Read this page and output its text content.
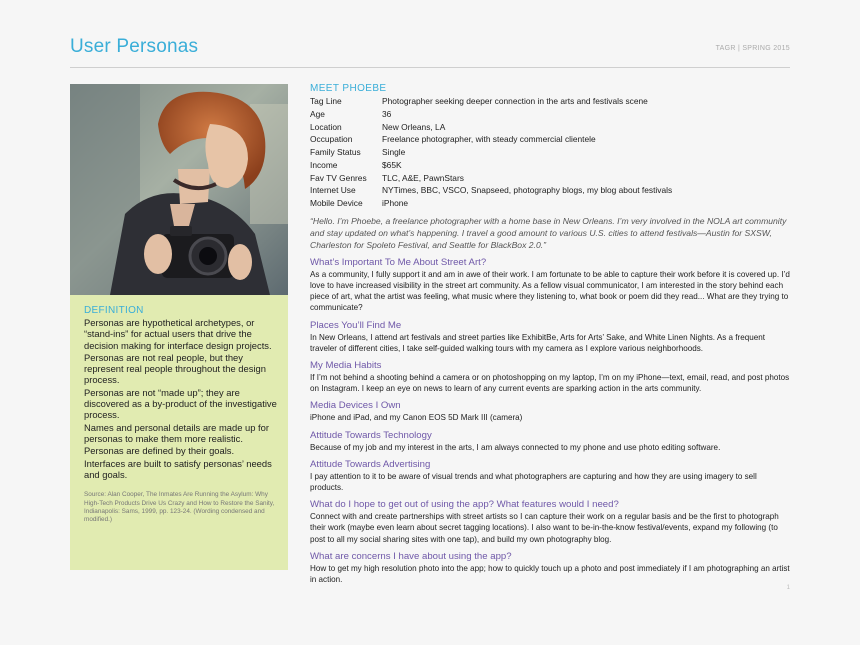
User Personas	TAGR | SPRING 2015
DEFINITION

Personas are hypothetical archetypes, or “stand-ins” for actual users that drive the decision making for interface design projects.

Personas are not real people, but they represent real people throughout the design process.

Personas are not “made up”; they are discovered as a by-product of the investigative process.

Names and personal details are made up for personas to make them more realistic.

Personas are defined by their goals.

Interfaces are built to satisfy personas’ needs and goals.

Source: Alan Cooper, The Inmates Are Running the Asylum: Why High-Tech Products Drive Us Crazy and How to Restore the Sanity, Indianapolis: Sams, 1999, pp. 123-24. (Wording condensed and modified.)
MEET PHOEBE
Tag Line	Photographer seeking deeper connection in the arts and festivals scene
Age	36
Location	New Orleans, LA
Occupation	Freelance photographer, with steady commercial clientele
Family Status	Single
Income	$65K
Fav TV Genres	TLC, A&E, PawnStars
Internet Use	NYTimes, BBC, VSCO, Snapseed, photography blogs, my blog about festivals
Mobile Device	iPhone
“Hello. I’m Phoebe, a freelance photographer with a home base in New Orleans. I’m very involved in the NOLA art community and stay updated on what’s happening. I travel a good amount to various U.S. cities to attend festivals—Austin for SXSW, Charleston for Spoleto Festival, and Seattle for BlackBox 2.0.”
What’s Important To Me About Street Art?
As a community, I fully support it and am in awe of their work. I am fortunate to be able to capture their work before it is covered up. I’d love to have increased visibility in the street art community. As a fellow visual communicator, I am interested in the story behind each piece of art, what the artist was feeling, what music where they listening to, what book or poem did they read... What are they trying to communicate?
Places You’ll Find Me
In New Orleans, I attend art festivals and street parties like ExhibitBe, Arts for Arts’ Sake, and White Linen Nights. As a frequent traveler of different cities, I take self-guided walking tours with my camera as I explore various neighborhoods.
My Media Habits
If I’m not behind a shooting behind a camera or on photoshopping on my laptop, I’m on my iPhone—text, email, read, and post photos on Instagram. I keep an eye on news to learn of any current events are sparking action in the arts community.
Media Devices I Own
iPhone and iPad, and my Canon EOS 5D Mark III (camera)
Attitude Towards Technology
Because of my job and my interest in the arts, I am always connected to my phone and use photo editing software.
Attitude Towards Advertising
I pay attention to it to be aware of visual trends and what photographers are capturing and how they are using imagery to sell products.
What do I hope to get out of using the app? What features would I need?
Connect with and create partnerships with street artists so I can capture their work on a regular basis and be the first to photograph their work (maybe even learn about secret tagging locations). I also want to be-in-the-know festival/events, expand my following (to post to all my social sharing sites with one tap), and build my own photography blog.
What are concerns I have about using the app?
How to get my high resolution photo into the app; how to quickly touch up a photo and post immediately if I am photographing an artist in action.
1
